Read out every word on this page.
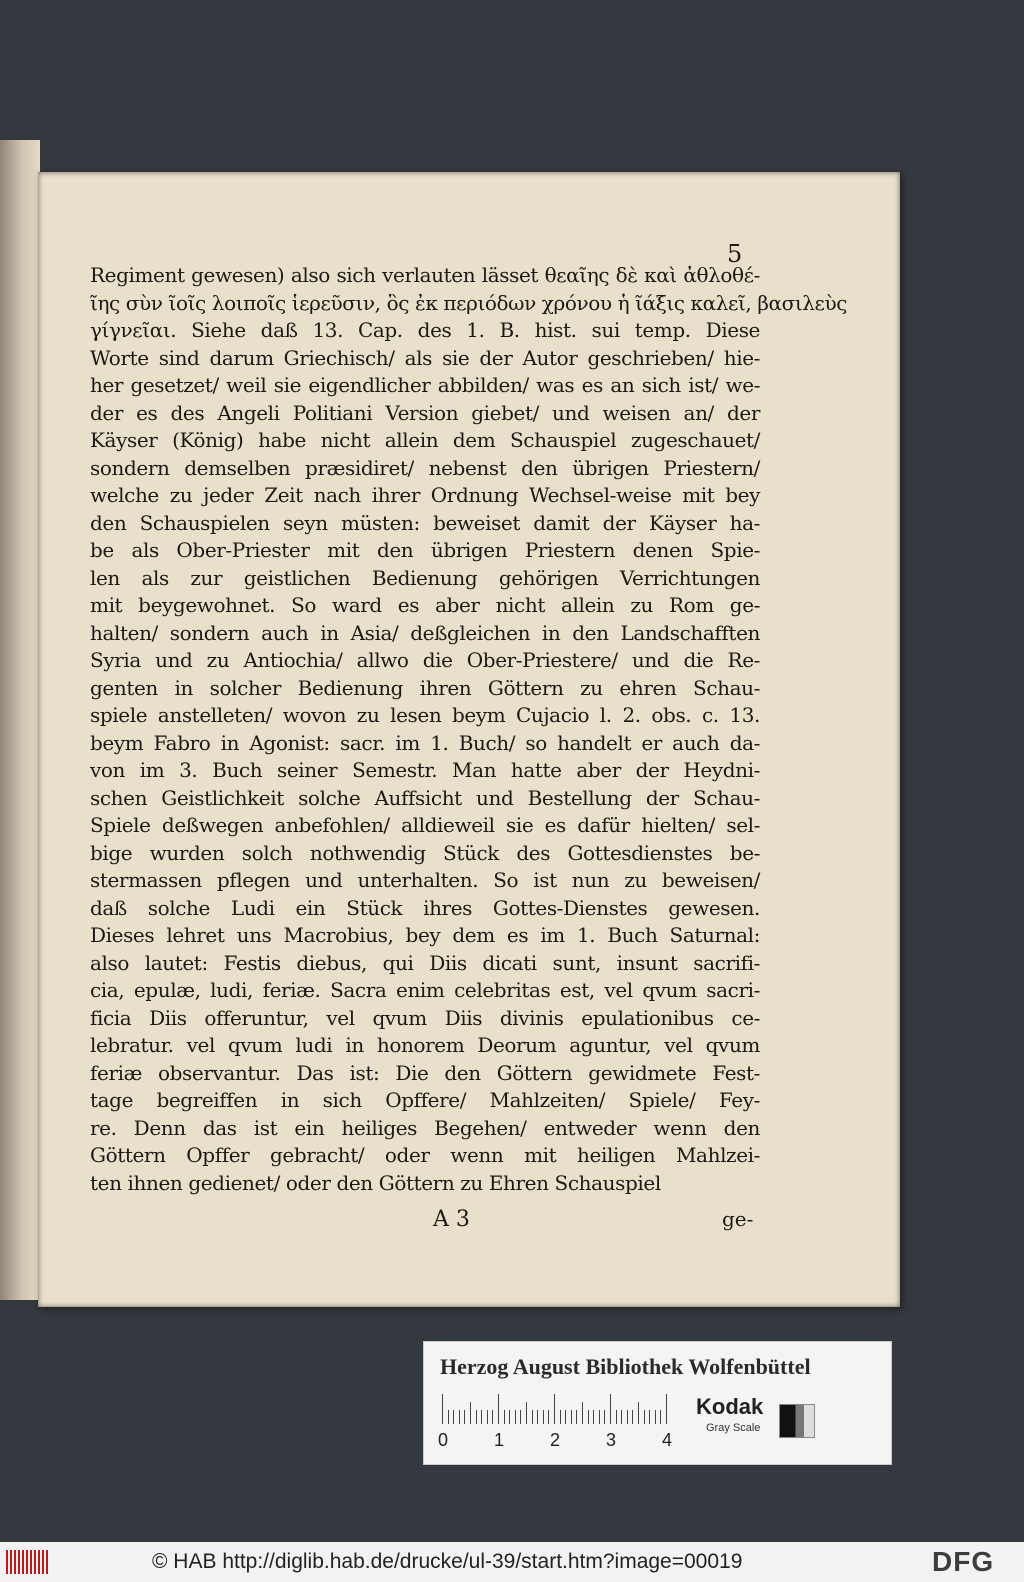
5
Regiment gewesen) also sich verlauten lässet θεαῖης δὲ καὶ ἀθλοθέ-
ῖης σὺν ῖοῖς λοιποῖς ἱερεῦσιν, ὃς ἐκ περιόδων χρόνου ἡ ῖάξις καλεῖ, βασιλεὺς
γίγνεῖαι. Siehe daß 13. Cap. des 1. B. hist. sui temp. Diese
Worte sind darum Griechisch/ als sie der Autor geschrieben/ hie-
her gesetzet/ weil sie eigendlicher abbilden/ was es an sich ist/ we-
der es des Angeli Politiani Version giebet/ und weisen an/ der
Käyser (König) habe nicht allein dem Schauspiel zugeschauet/
sondern demselben præsidiret/ nebenst den übrigen Priestern/
welche zu jeder Zeit nach ihrer Ordnung Wechsel-weise mit bey
den Schauspielen seyn müsten: beweiset damit der Käyser ha-
be als Ober-Priester mit den übrigen Priestern denen Spie-
len als zur geistlichen Bedienung gehörigen Verrichtungen
mit beygewohnet. So ward es aber nicht allein zu Rom ge-
halten/ sondern auch in Asia/ deßgleichen in den Landschafften
Syria und zu Antiochia/ allwo die Ober-Priestere/ und die Re-
genten in solcher Bedienung ihren Göttern zu ehren Schau-
spiele anstelleten/ wovon zu lesen beym Cujacio l. 2. obs. c. 13.
beym Fabro in Agonist: sacr. im 1. Buch/ so handelt er auch da-
von im 3. Buch seiner Semestr. Man hatte aber der Heydni-
schen Geistlichkeit solche Auffsicht und Bestellung der Schau-
Spiele deßwegen anbefohlen/ alldieweil sie es dafür hielten/ sel-
bige wurden solch nothwendig Stück des Gottesdienstes be-
stermassen pflegen und unterhalten. So ist nun zu beweisen/
daß solche Ludi ein Stück ihres Gottes-Dienstes gewesen.
Dieses lehret uns Macrobius, bey dem es im 1. Buch Saturnal:
also lautet: Festis diebus, qui Diis dicati sunt, insunt sacrifi-
cia, epulæ, ludi, feriæ. Sacra enim celebritas est, vel qvum sacri-
ficia Diis offeruntur, vel qvum Diis divinis epulationibus ce-
lebratur. vel qvum ludi in honorem Deorum aguntur, vel qvum
feriæ observantur. Das ist: Die den Göttern gewidmete Fest-
tage begreiffen in sich Opffere/ Mahlzeiten/ Spiele/ Fey-
re. Denn das ist ein heiliges Begehen/ entweder wenn den
Göttern Opffer gebracht/ oder wenn mit heiligen Mahlzei-
ten ihnen gedienet/ oder den Göttern zu Ehren Schauspiel
A 3	ge-
Herzog August Bibliothek Wolfenbüttel
0	1	2	3	4
Kodak
Gray Scale
© HAB http://diglib.hab.de/drucke/ul-39/start.htm?image=00019	DFG
